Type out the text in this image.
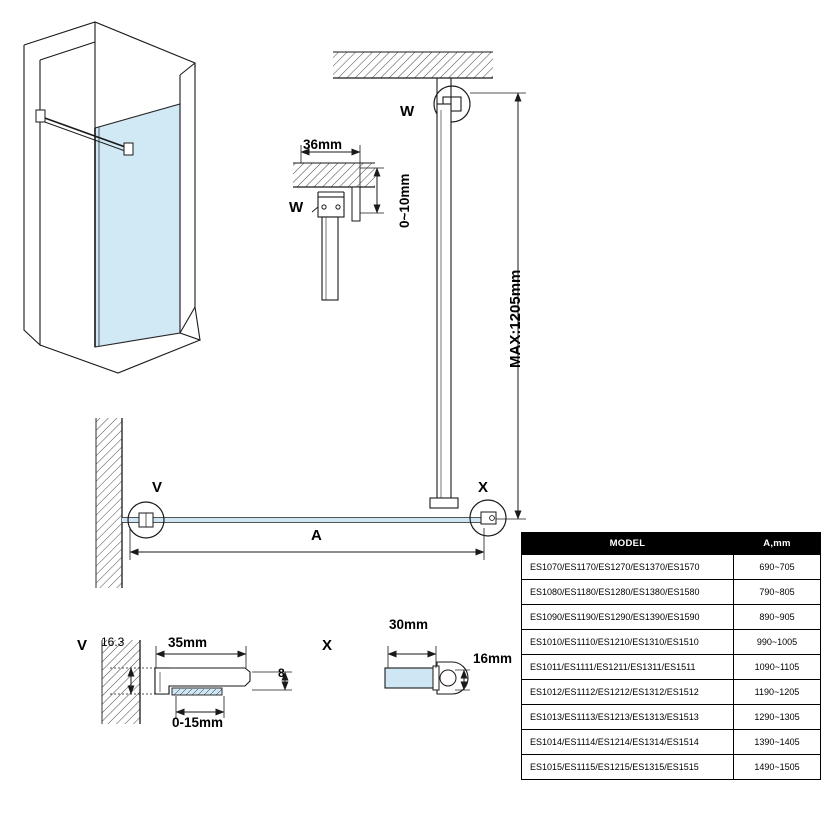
W
W
36mm
0~10mm
MAX:1205mm
V	X
A
V 16.3	35mm
0-15mm
8
X
30mm
16mm
MODEL	A,mm
ES1070/ES1170/ES1270/ES1370/ES1570	690~705
ES1080/ES1180/ES1280/ES1380/ES1580	790~805
ES1090/ES1190/ES1290/ES1390/ES1590	890~905
ES1010/ES1110/ES1210/ES1310/ES1510	990~1005
ES1011/ES1111/ES1211/ES1311/ES1511	1090~1105
ES1012/ES1112/ES1212/ES1312/ES1512	1190~1205
ES1013/ES1113/ES1213/ES1313/ES1513	1290~1305
ES1014/ES1114/ES1214/ES1314/ES1514	1390~1405
ES1015/ES1115/ES1215/ES1315/ES1515	1490~1505
